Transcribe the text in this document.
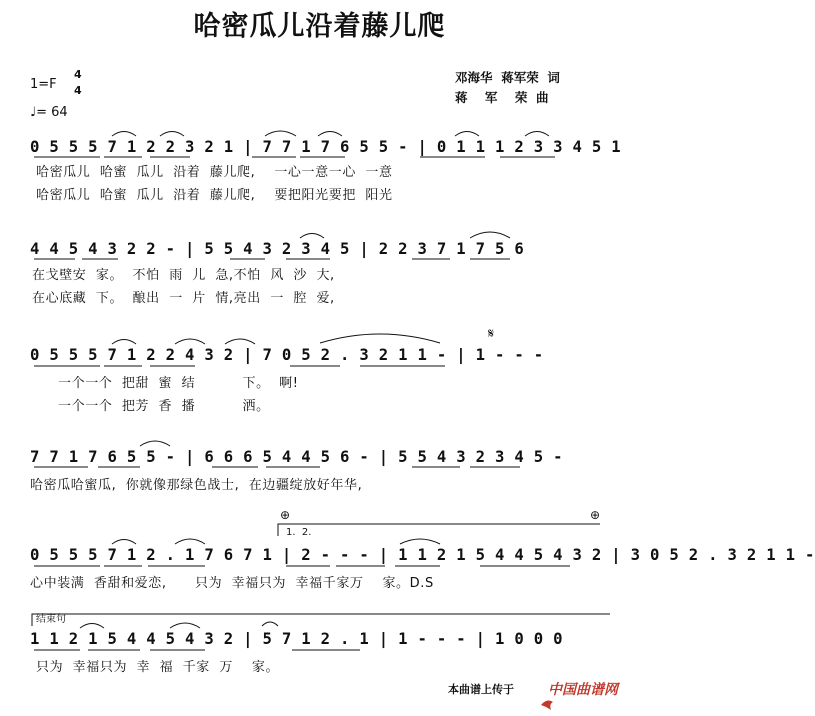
哈密瓜儿沿着藤儿爬
1=F
4
4
♩= 64
邓海华  蒋军荣  词
蒋    军    荣  曲
0 5 5 5 7 1 2 2 3 2 1 | 7 7 1 7 6 5 5 - | 0 1 1 1 2 3 3 4 5 1
哈密瓜儿  哈蜜  瓜儿  沿着  藤儿爬,    一心一意一心  一意
哈密瓜儿  哈蜜  瓜儿  沿着  藤儿爬,    要把阳光要把  阳光
4 4 5 4 3 2 2 - | 5 5 4 3 2 3 4 5 | 2 2 3 7 1 7 5 6
在戈壁安  家。  不怕  雨  儿  急,不怕  风  沙  大,
在心底藏  下。  酿出  一  片  情,亮出  一  腔  爱,
0 5 5 5 7 1 2 2 4 3 2 | 7 0 5 2 . 3 2 1 1 - | 1 - - -
一个一个  把甜  蜜  结          下。  啊!
一个一个  把芳  香  播          洒。
𝄋
7 7 1 7 6 5 5 - | 6 6 6 5 4 4 5 6 - | 5 5 4 3 2 3 4 5 -
哈密瓜哈蜜瓜,  你就像那绿色战士,  在边疆绽放好年华,
⊕	⊕
1.  2.
0 5 5 5 7 1 2 . 1 7 6 7 1 | 2 - - - | 1 1 2 1 5 4 4 5 4 3 2 | 3 0 5 2 . 3 2 1 1 -
心中装满  香甜和爱恋,      只为  幸福只为  幸福千家万    家。D.S
结束句
1 1 2 1 5 4 4 5 4 3 2 | 5 7 1 2 . 1 | 1 - - - | 1 0 0 0
只为  幸福只为  幸  福  千家  万    家。
本曲谱上传于

中国曲谱网
